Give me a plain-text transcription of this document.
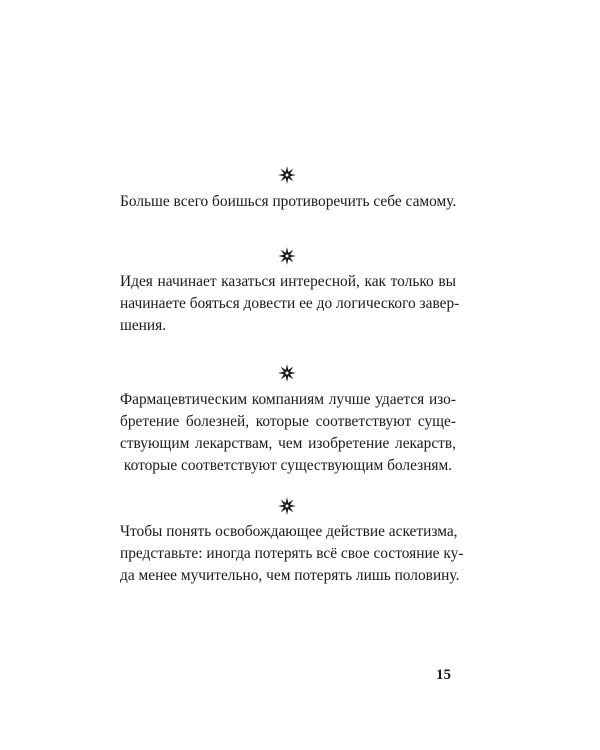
Больше всего боишься противоречить себе самому.
Идея начинает казаться интересной, как только вы
начинаете бояться довести ее до логического завер-
шения.
Фармацевтическим компаниям лучше удается изо-
бретение болезней, которые соответствуют суще-
ствующим лекарствам, чем изобретение лекарств,
которые соответствуют существующим болезням.
Чтобы понять освобождающее действие аскетизма,
представьте: иногда потерять всё свое состояние ку-
да менее мучительно, чем потерять лишь половину.
15
